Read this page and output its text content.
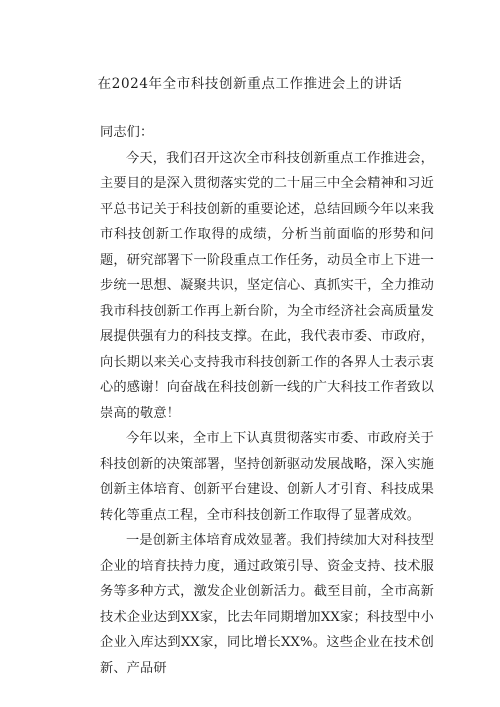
在2024年全市科技创新重点工作推进会上的讲话

同志们：

今天，我们召开这次全市科技创新重点工作推进会，主要目的是深入贯彻落实党的二十届三中全会精神和习近平总书记关于科技创新的重要论述，总结回顾今年以来我市科技创新工作取得的成绩，分析当前面临的形势和问题，研究部署下一阶段重点工作任务，动员全市上下进一步统一思想、凝聚共识，坚定信心、真抓实干，全力推动我市科技创新工作再上新台阶，为全市经济社会高质量发展提供强有力的科技支撑。在此，我代表市委、市政府，向长期以来关心支持我市科技创新工作的各界人士表示衷心的感谢！向奋战在科技创新一线的广大科技工作者致以崇高的敬意！

今年以来，全市上下认真贯彻落实市委、市政府关于科技创新的决策部署，坚持创新驱动发展战略，深入实施创新主体培育、创新平台建设、创新人才引育、科技成果转化等重点工程，全市科技创新工作取得了显著成效。

一是创新主体培育成效显著。我们持续加大对科技型企业的培育扶持力度，通过政策引导、资金支持、技术服务等多种方式，激发企业创新活力。截至目前，全市高新技术企业达到XX家，比去年同期增加XX家；科技型中小企业入库达到XX家，同比增长XX%。这些企业在技术创新、产品研
